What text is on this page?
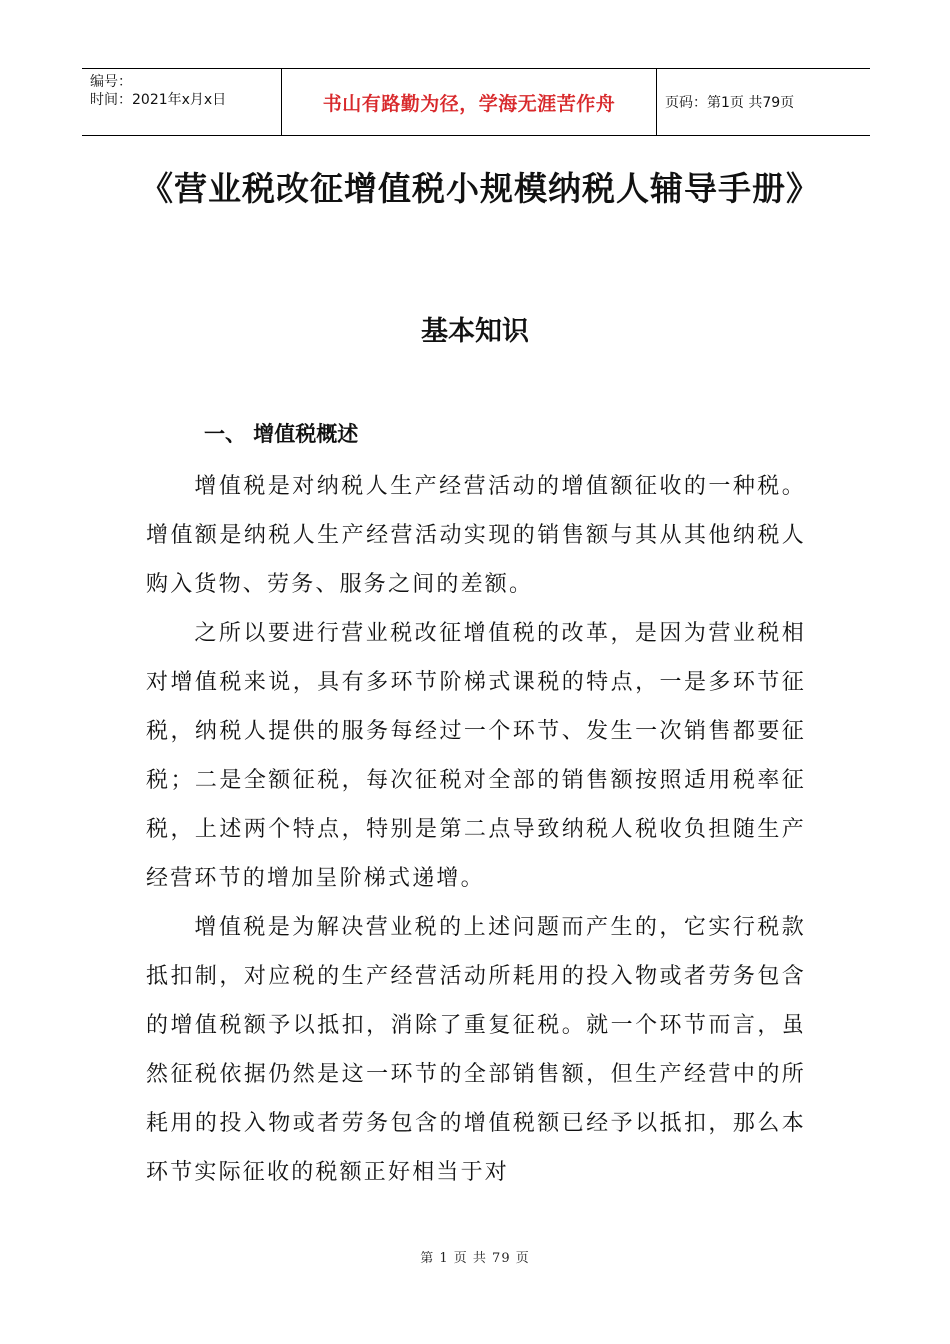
编号：
时间：2021年x月x日	书山有路勤为径，学海无涯苦作舟	页码：第1页 共79页
《营业税改征增值税小规模纳税人辅导手册》
基本知识
一、 增值税概述

增值税是对纳税人生产经营活动的增值额征收的一种税。增值额是纳税人生产经营活动实现的销售额与其从其他纳税人购入货物、劳务、服务之间的差额。

之所以要进行营业税改征增值税的改革，是因为营业税相对增值税来说，具有多环节阶梯式课税的特点，一是多环节征税，纳税人提供的服务每经过一个环节、发生一次销售都要征税；二是全额征税，每次征税对全部的销售额按照适用税率征税，上述两个特点，特别是第二点导致纳税人税收负担随生产经营环节的增加呈阶梯式递增。

增值税是为解决营业税的上述问题而产生的，它实行税款抵扣制，对应税的生产经营活动所耗用的投入物或者劳务包含的增值税额予以抵扣，消除了重复征税。就一个环节而言，虽然征税依据仍然是这一环节的全部销售额，但生产经营中的所耗用的投入物或者劳务包含的增值税额已经予以抵扣，那么本环节实际征收的税额正好相当于对

第 1 页 共 79 页
